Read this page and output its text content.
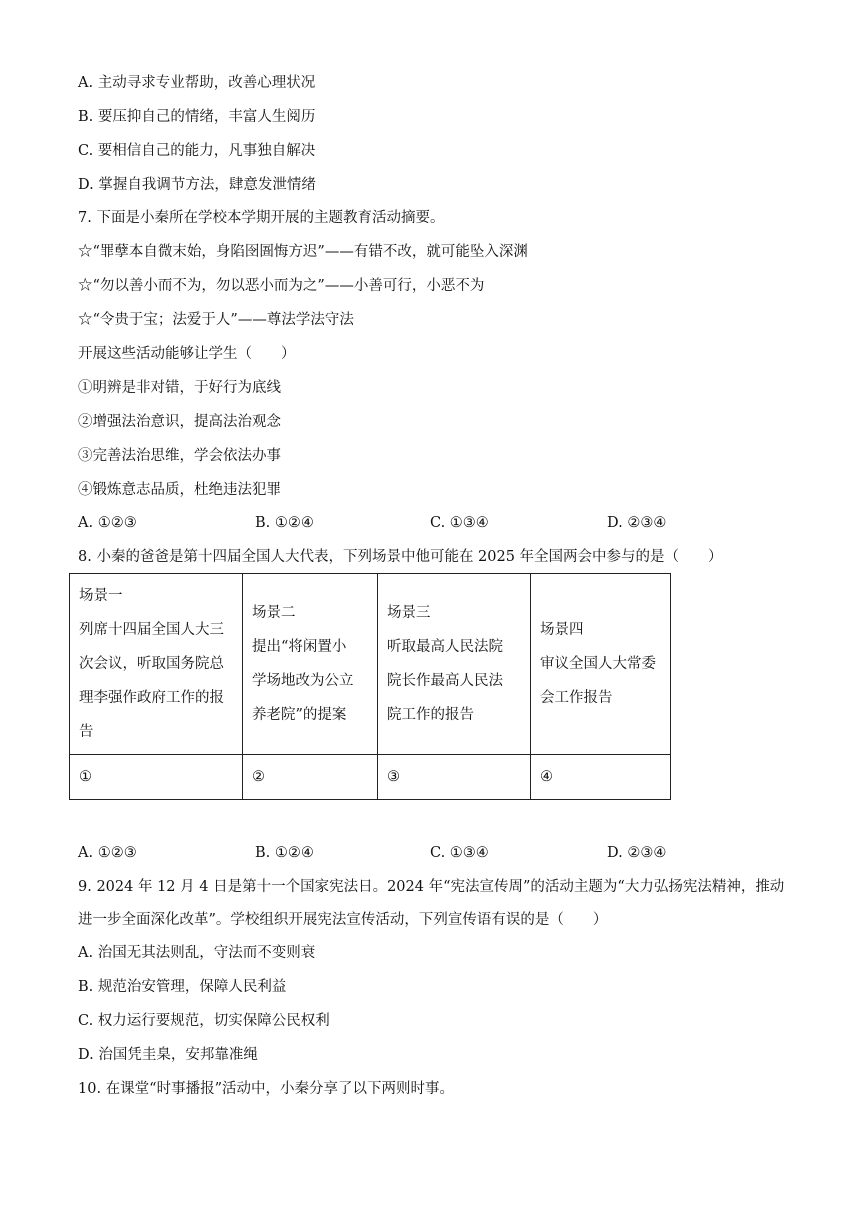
A. 主动寻求专业帮助，改善心理状况
B. 要压抑自己的情绪，丰富人生阅历
C. 要相信自己的能力，凡事独自解决
D. 掌握自我调节方法，肆意发泄情绪
7. 下面是小秦所在学校本学期开展的主题教育活动摘要。
☆“罪孽本自微末始，身陷囹圄悔方迟”——有错不改，就可能坠入深渊
☆“勿以善小而不为，勿以恶小而为之”——小善可行，小恶不为
☆“令贵于宝；法爱于人”——尊法学法守法
开展这些活动能够让学生（　　）
①明辨是非对错，于好行为底线
②增强法治意识，提高法治观念
③完善法治思维，学会依法办事
④锻炼意志品质，杜绝违法犯罪
A. ①②③	B. ①②④	C. ①③④	D. ②③④
8. 小秦的爸爸是第十四届全国人大代表，下列场景中他可能在 2025 年全国两会中参与的是（　　）
场景一
列席十四届全国人大三
次会议，听取国务院总
理李强作政府工作的报
告	场景二
提出“将闲置小
学场地改为公立
养老院”的提案	场景三
听取最高人民法院
院长作最高人民法
院工作的报告	场景四
审议全国人大常委
会工作报告

①	②	③	④
A. ①②③	B. ①②④	C. ①③④	D. ②③④
9. 2024 年 12 月 4 日是第十一个国家宪法日。2024 年“宪法宣传周”的活动主题为“大力弘扬宪法精神，推动
进一步全面深化改革”。学校组织开展宪法宣传活动，下列宣传语有误的是（　　）
A. 治国无其法则乱，守法而不变则衰
B. 规范治安管理，保障人民利益
C. 权力运行要规范，切实保障公民权利
D. 治国凭圭臬，安邦靠准绳
10. 在课堂“时事播报”活动中，小秦分享了以下两则时事。
